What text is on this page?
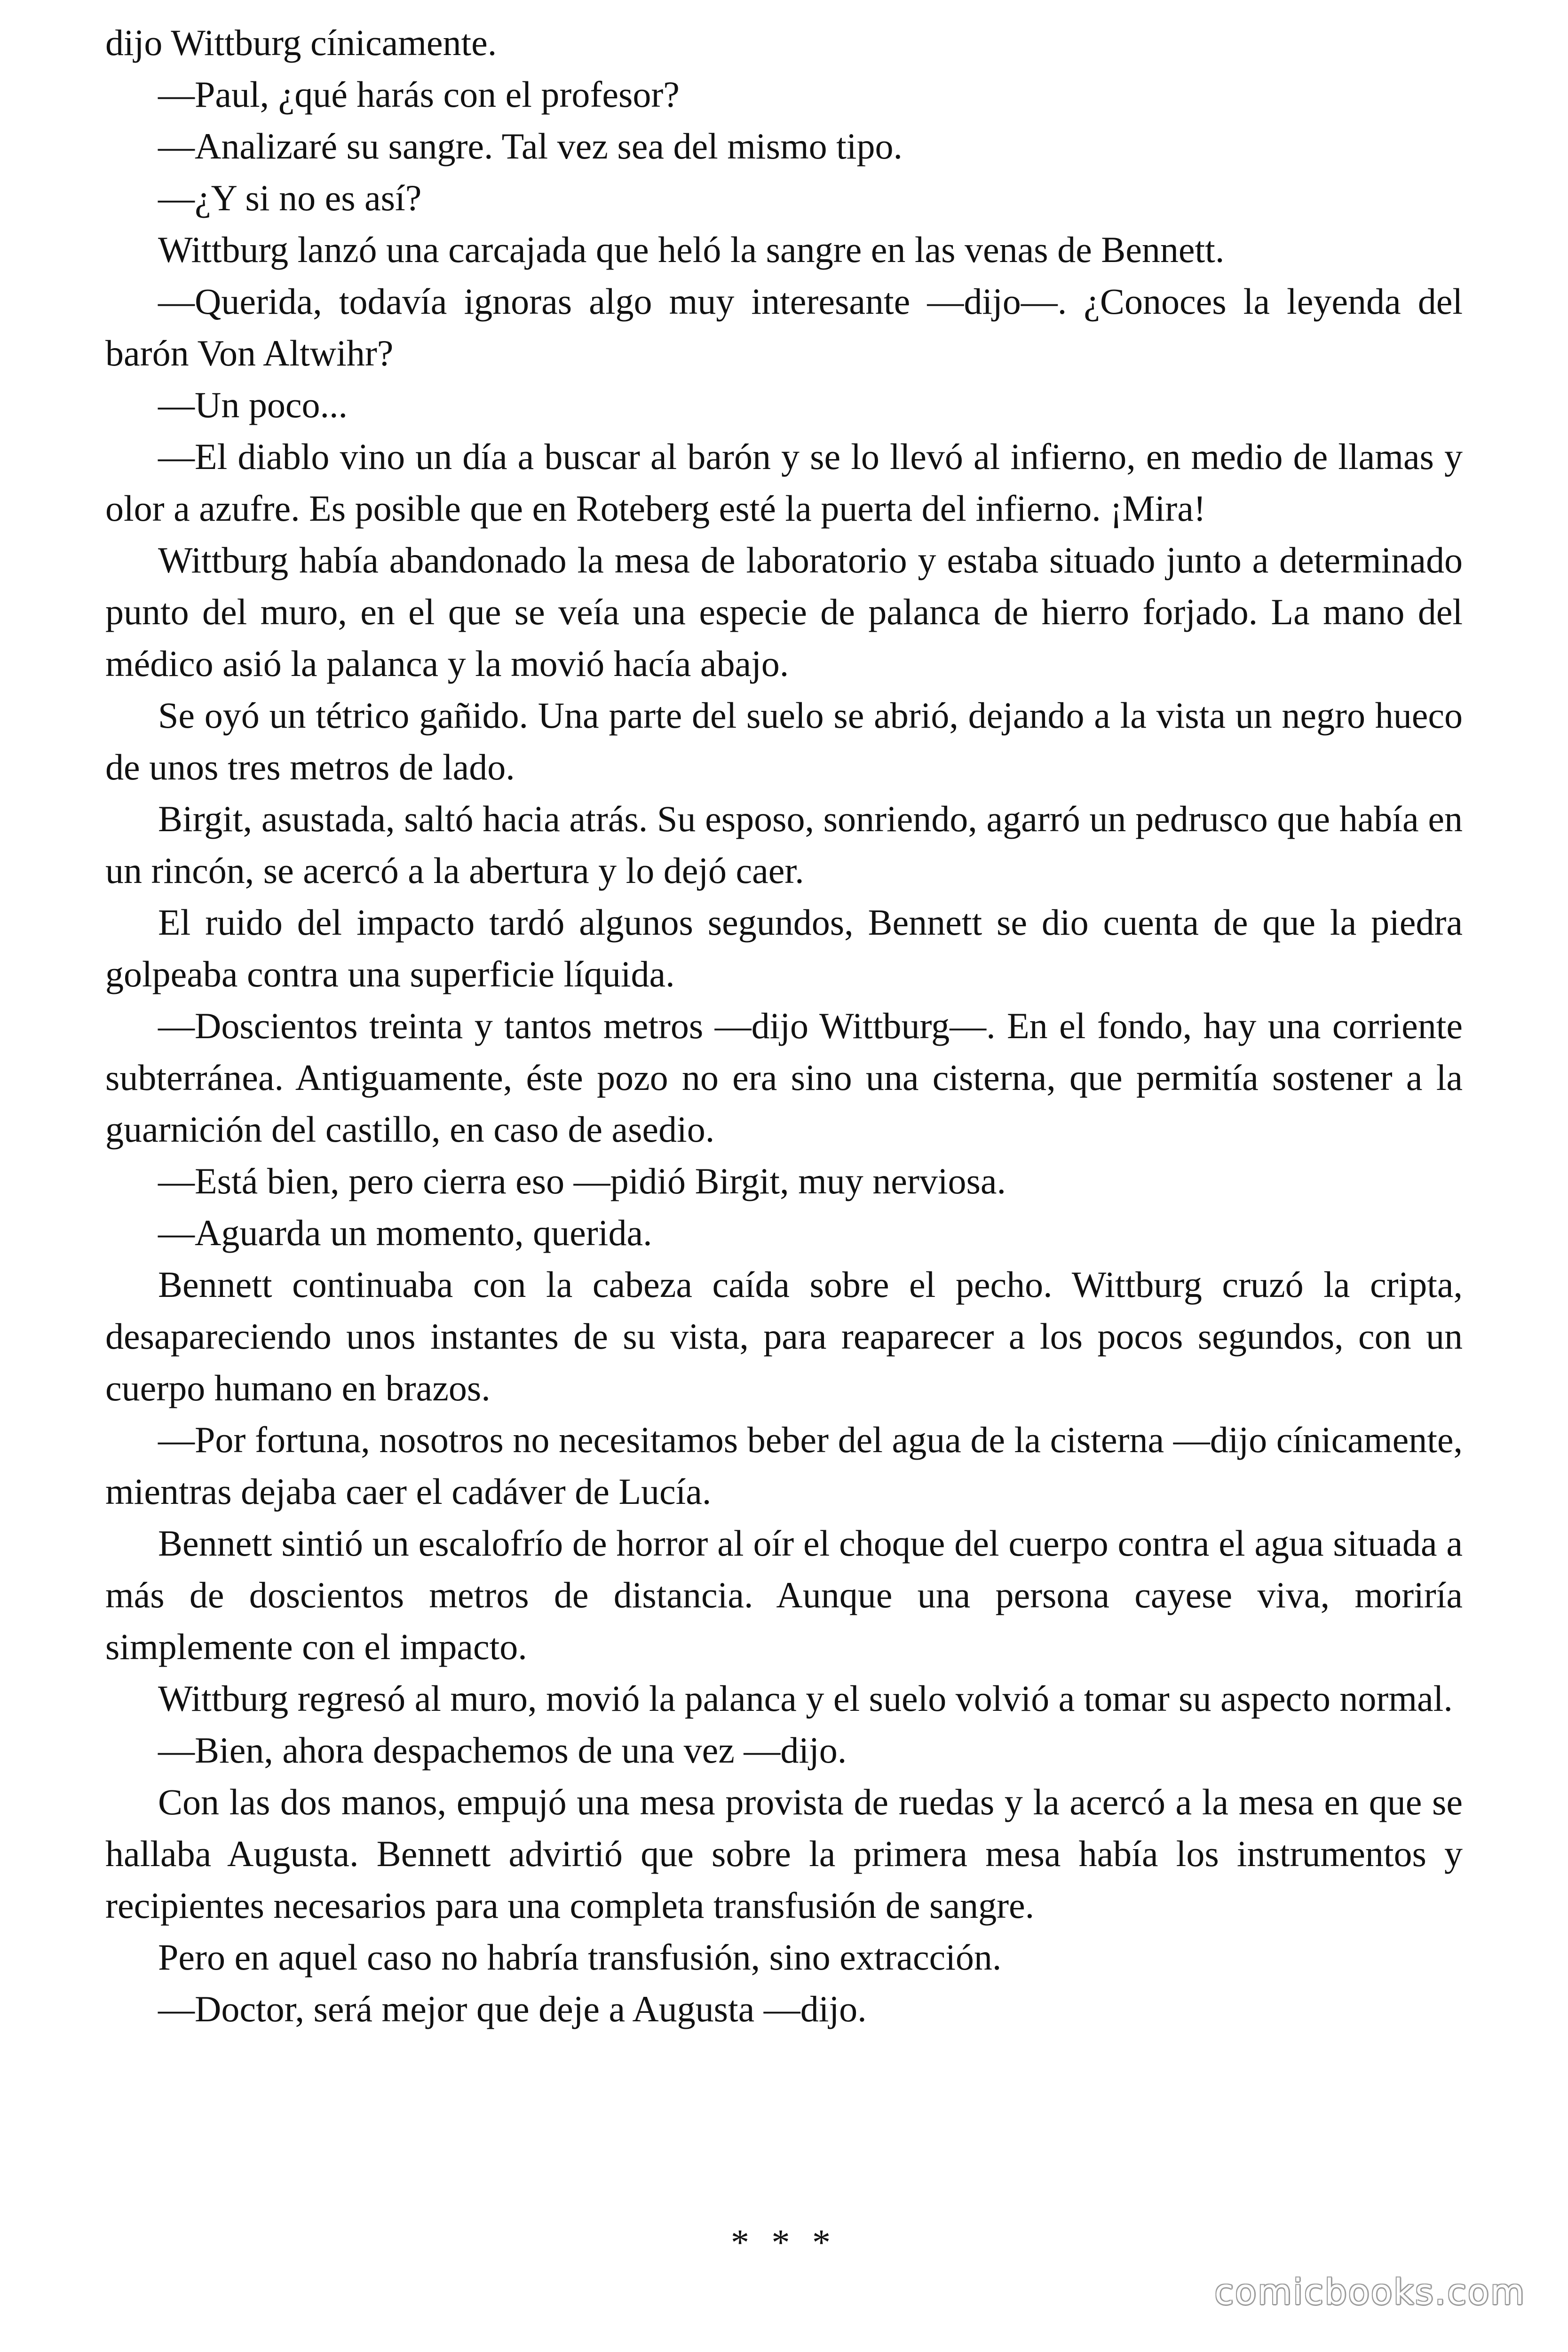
dijo Wittburg cínicamente.

—Paul, ¿qué harás con el profesor?

—Analizaré su sangre. Tal vez sea del mismo tipo.

—¿Y si no es así?

Wittburg lanzó una carcajada que heló la sangre en las venas de Bennett.

—Querida, todavía ignoras algo muy interesante —dijo—. ¿Conoces la leyenda del barón Von Altwihr?

—Un poco...

—El diablo vino un día a buscar al barón y se lo llevó al infierno, en medio de llamas y olor a azufre. Es posible que en Roteberg esté la puerta del infierno. ¡Mira!

Wittburg había abandonado la mesa de laboratorio y estaba situado junto a determinado punto del muro, en el que se veía una especie de palanca de hierro forjado. La mano del médico asió la palanca y la movió hacía abajo.

Se oyó un tétrico gañido. Una parte del suelo se abrió, dejando a la vista un negro hueco de unos tres metros de lado.

Birgit, asustada, saltó hacia atrás. Su esposo, sonriendo, agarró un pedrusco que había en un rincón, se acercó a la abertura y lo dejó caer.

El ruido del impacto tardó algunos segundos, Bennett se dio cuenta de que la piedra golpeaba contra una superficie líquida.

—Doscientos treinta y tantos metros —dijo Wittburg—. En el fondo, hay una corriente subterránea. Antiguamente, éste pozo no era sino una cisterna, que permitía sostener a la guarnición del castillo, en caso de asedio.

—Está bien, pero cierra eso —pidió Birgit, muy nerviosa.

—Aguarda un momento, querida.

Bennett continuaba con la cabeza caída sobre el pecho. Wittburg cruzó la cripta, desapareciendo unos instantes de su vista, para reaparecer a los pocos segundos, con un cuerpo humano en brazos.

—Por fortuna, nosotros no necesitamos beber del agua de la cisterna —dijo cínicamente, mientras dejaba caer el cadáver de Lucía.

Bennett sintió un escalofrío de horror al oír el choque del cuerpo contra el agua situada a más de doscientos metros de distancia. Aunque una persona cayese viva, moriría simplemente con el impacto.

Wittburg regresó al muro, movió la palanca y el suelo volvió a tomar su aspecto normal.

—Bien, ahora despachemos de una vez —dijo.

Con las dos manos, empujó una mesa provista de ruedas y la acercó a la mesa en que se hallaba Augusta. Bennett advirtió que sobre la primera mesa había los instrumentos y recipientes necesarios para una completa transfusión de sangre.

Pero en aquel caso no habría transfusión, sino extracción.

—Doctor, será mejor que deje a Augusta —dijo.

* * *
comicbooks.com
